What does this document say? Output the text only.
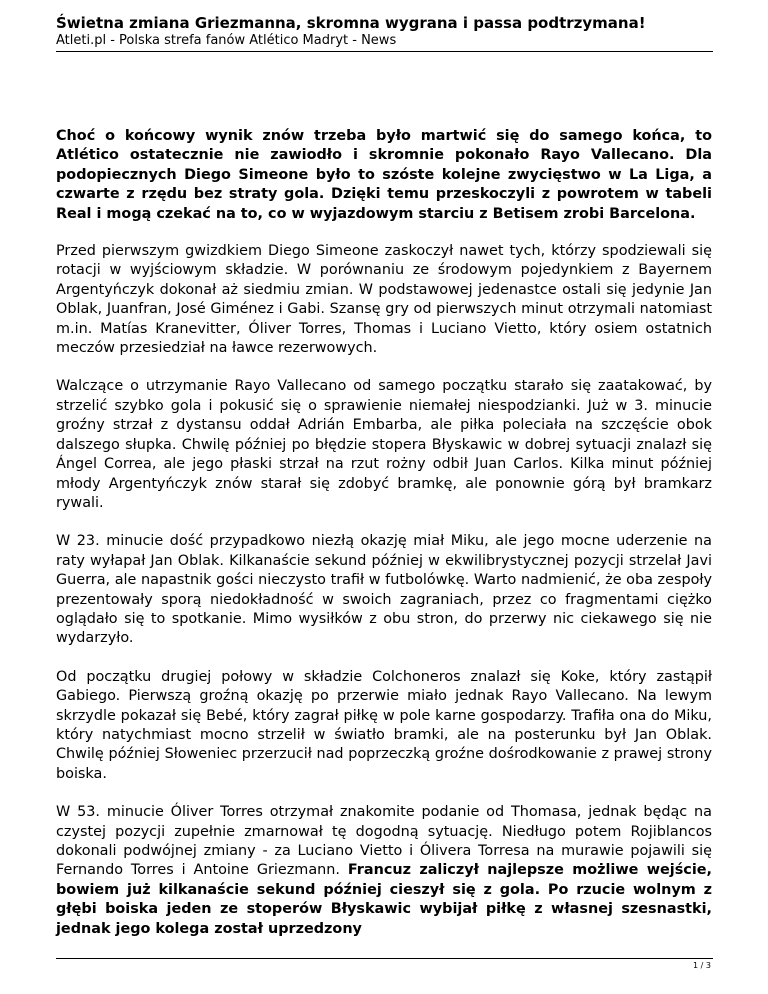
Świetna zmiana Griezmanna, skromna wygrana i passa podtrzymana!
Atleti.pl - Polska strefa fanów Atlético Madryt - News

Choć o końcowy wynik znów trzeba było martwić się do samego końca, to Atlético ostatecznie nie zawiodło i skromnie pokonało Rayo Vallecano. Dla podopiecznych Diego Simeone było to szóste kolejne zwycięstwo w La Liga, a czwarte z rzędu bez straty gola. Dzięki temu przeskoczyli z powrotem w tabeli Real i mogą czekać na to, co w wyjazdowym starciu z Betisem zrobi Barcelona.

Przed pierwszym gwizdkiem Diego Simeone zaskoczył nawet tych, którzy spodziewali się rotacji w wyjściowym składzie. W porównaniu ze środowym pojedynkiem z Bayernem Argentyńczyk dokonał aż siedmiu zmian. W podstawowej jedenastce ostali się jedynie Jan Oblak, Juanfran, José Giménez i Gabi. Szansę gry od pierwszych minut otrzymali natomiast m.in. Matías Kranevitter, Óliver Torres, Thomas i Luciano Vietto, który osiem ostatnich meczów przesiedział na ławce rezerwowych.

Walczące o utrzymanie Rayo Vallecano od samego początku starało się zaatakować, by strzelić szybko gola i pokusić się o sprawienie niemałej niespodzianki. Już w 3. minucie groźny strzał z dystansu oddał Adrián Embarba, ale piłka poleciała na szczęście obok dalszego słupka. Chwilę później po błędzie stopera Błyskawic w dobrej sytuacji znalazł się Ángel Correa, ale jego płaski strzał na rzut rożny odbił Juan Carlos. Kilka minut później młody Argentyńczyk znów starał się zdobyć bramkę, ale ponownie górą był bramkarz rywali.

W 23. minucie dość przypadkowo niezłą okazję miał Miku, ale jego mocne uderzenie na raty wyłapał Jan Oblak. Kilkanaście sekund później w ekwilibrystycznej pozycji strzelał Javi Guerra, ale napastnik gości nieczysto trafił w futbolówkę. Warto nadmienić, że oba zespoły prezentowały sporą niedokładność w swoich zagraniach, przez co fragmentami ciężko oglądało się to spotkanie. Mimo wysiłków z obu stron, do przerwy nic ciekawego się nie wydarzyło.

Od początku drugiej połowy w składzie Colchoneros znalazł się Koke, który zastąpił Gabiego. Pierwszą groźną okazję po przerwie miało jednak Rayo Vallecano. Na lewym skrzydle pokazał się Bebé, który zagrał piłkę w pole karne gospodarzy. Trafiła ona do Miku, który natychmiast mocno strzelił w światło bramki, ale na posterunku był Jan Oblak. Chwilę później Słoweniec przerzucił nad poprzeczką groźne dośrodkowanie z prawej strony boiska.

W 53. minucie Óliver Torres otrzymał znakomite podanie od Thomasa, jednak będąc na czystej pozycji zupełnie zmarnował tę dogodną sytuację. Niedługo potem Rojiblancos dokonali podwójnej zmiany - za Luciano Vietto i Ólivera Torresa na murawie pojawili się Fernando Torres i Antoine Griezmann. Francuz zaliczył najlepsze możliwe wejście, bowiem już kilkanaście sekund później cieszył się z gola. Po rzucie wolnym z głębi boiska jeden ze stoperów Błyskawic wybijał piłkę z własnej szesnastki, jednak jego kolega został uprzedzony

1 / 3
